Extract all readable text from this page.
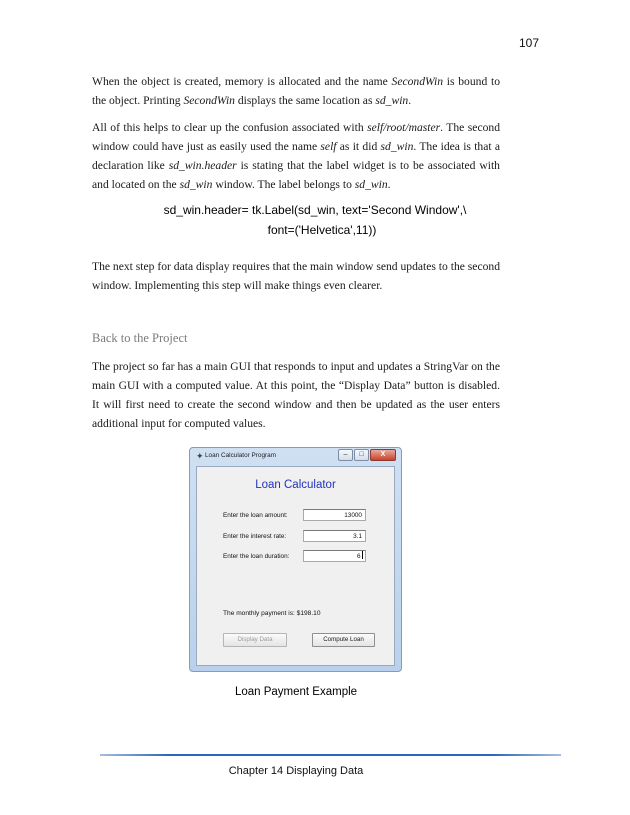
107

When the object is created, memory is allocated and the name SecondWin is bound to the object. Printing SecondWin displays the same location as sd_win.

All of this helps to clear up the confusion associated with self/root/master. The second window could have just as easily used the name self as it did sd_win. The idea is that a declaration like sd_win.header is stating that the label widget is to be associated with and located on the sd_win window. The label belongs to sd_win.

sd_win.header= tk.Label(sd_win, text='Second Window',\
font=('Helvetica',11))

The next step for data display requires that the main window send updates to the second window. Implementing this step will make things even clearer.

Back to the Project

The project so far has a main GUI that responds to input and updates a StringVar on the main GUI with a computed value. At this point, the “Display Data” button is disabled. It will first need to create the second window and then be updated as the user enters additional input for computed values.

✦ Loan Calculator Program	–	□	X
Loan Calculator
Enter the loan amount:	13000
Enter the interest rate:	3.1
Enter the loan duration:	6
The monthly payment is: $198.10
Display Data	Compute Loan
Loan Payment Example
Chapter 14 Displaying Data
